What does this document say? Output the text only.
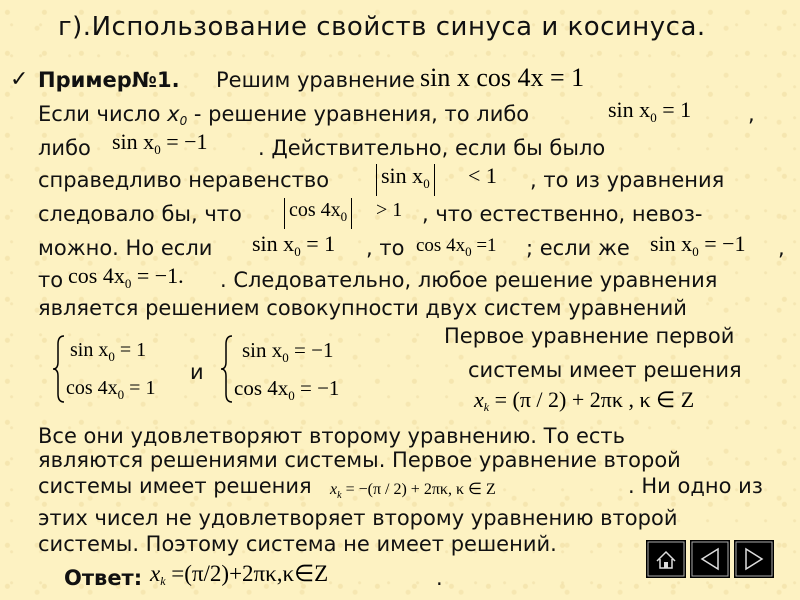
г).Использование свойств синуса и косинуса.
✓ Пример№1. Решим уравнение sin x cos 4x = 1
Если число x0 - решение уравнения, то либо	$\sin x_0 = 1$	,
либо $\sin x_0 = -1$ . Действительно, если бы было
справедливо неравенство $\sin x_0 < 1$ , то из уравнения
следовало бы, что $\cos 4x_0 > 1$ , что естественно, невоз-
можно. Но если $\sin x_0 = 1$ , то $\cos 4x_0 =1$ ; если же $\sin x_0 = -1$ ,
то $\cos 4x_0 = -1$. . Следовательно, любое решение уравнения
является решением совокупности двух систем уравнений
$\sin x_0 = 1$
$\cos 4x_0 = 1$
и
$\sin x_0 = -1$
$\cos 4x_0 = -1$
Первое уравнение первой
системы имеет решения
xk = (π / 2) + 2πκ , κ ∈ Z
Все они удовлетворяют второму уравнению. То есть
являются решениями системы. Первое уравнение второй
системы имеет решения $x_k = -(\pi / 2) + 2\pi\kappa$, κ ∈ Z	. Ни одно из
этих чисел не удовлетворяет второму уравнению второй
системы. Поэтому система не имеет решений.
Ответ: xk =(π/2)+2πκ,κ∈Z	.
